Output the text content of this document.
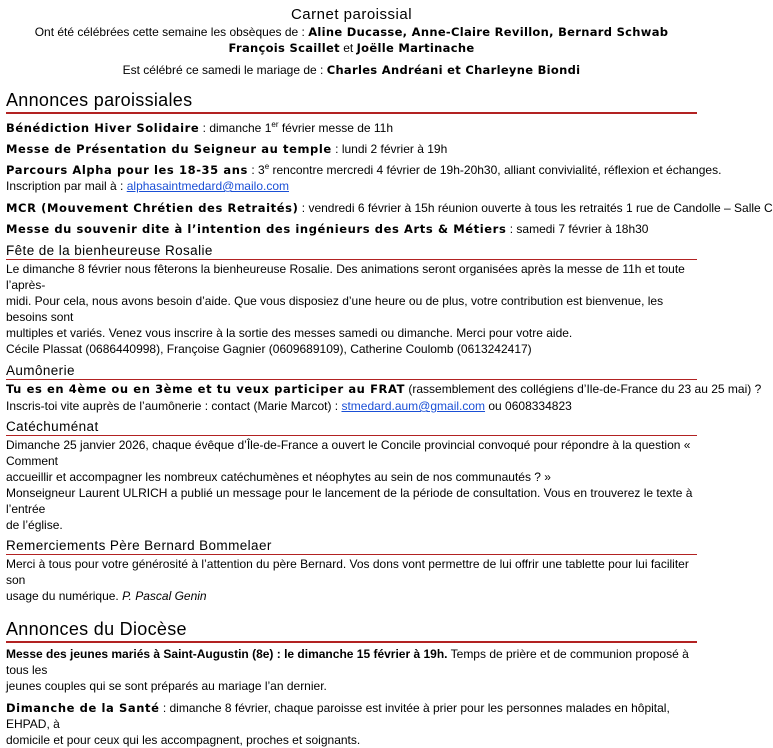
Carnet paroissial
Ont été célébrées cette semaine les obsèques de : Aline Ducasse, Anne-Claire Revillon, Bernard Schwab
François Scaillet et Joëlle Martinache
Est célébré ce samedi le mariage de : Charles Andréani et Charleyne Biondi
Annonces paroissiales
Bénédiction Hiver Solidaire : dimanche 1er février messe de 11h
Messe de Présentation du Seigneur au temple : lundi 2 février à 19h
Parcours Alpha pour les 18-35 ans : 3e rencontre mercredi 4 février de 19h-20h30, alliant convivialité, réflexion et échanges.
Inscription par mail à : alphasaintmedard@mailo.com
MCR (Mouvement Chrétien des Retraités) : vendredi 6 février à 15h réunion ouverte à tous les retraités 1 rue de Candolle – Salle C
Messe du souvenir dite à l’intention des ingénieurs des Arts & Métiers : samedi 7 février à 18h30
Fête de la bienheureuse Rosalie
Le dimanche 8 février nous fêterons la bienheureuse Rosalie. Des animations seront organisées après la messe de 11h et toute l’après-
midi. Pour cela, nous avons besoin d’aide. Que vous disposiez d’une heure ou de plus, votre contribution est bienvenue, les besoins sont
multiples et variés. Venez vous inscrire à la sortie des messes samedi ou dimanche. Merci pour votre aide.
Cécile Plassat (0686440998), Françoise Gagnier (0609689109), Catherine Coulomb (0613242417)
Aumônerie
Tu es en 4ème ou en 3ème et tu veux participer au FRAT (rassemblement des collégiens d’Ile-de-France du 23 au 25 mai) ?
Inscris-toi vite auprès de l’aumônerie : contact (Marie Marcot) : stmedard.aum@gmail.com ou 0608334823
Catéchuménat
Dimanche 25 janvier 2026, chaque évêque d’Île-de-France a ouvert le Concile provincial convoqué pour répondre à la question « Comment
accueillir et accompagner les nombreux catéchumènes et néophytes au sein de nos communautés ? »
Monseigneur Laurent ULRICH a publié un message pour le lancement de la période de consultation. Vous en trouverez le texte à l’entrée
de l’église.
Remerciements Père Bernard Bommelaer
Merci à tous pour votre générosité à l’attention du père Bernard. Vos dons vont permettre de lui offrir une tablette pour lui faciliter son
usage du numérique. P. Pascal Genin
Annonces du Diocèse
Messe des jeunes mariés à Saint-Augustin (8e) : le dimanche 15 février à 19h. Temps de prière et de communion proposé à tous les
jeunes couples qui se sont préparés au mariage l’an dernier.
Dimanche de la Santé : dimanche 8 février, chaque paroisse est invitée à prier pour les personnes malades en hôpital, EHPAD, à
domicile et pour ceux qui les accompagnent, proches et soignants.
